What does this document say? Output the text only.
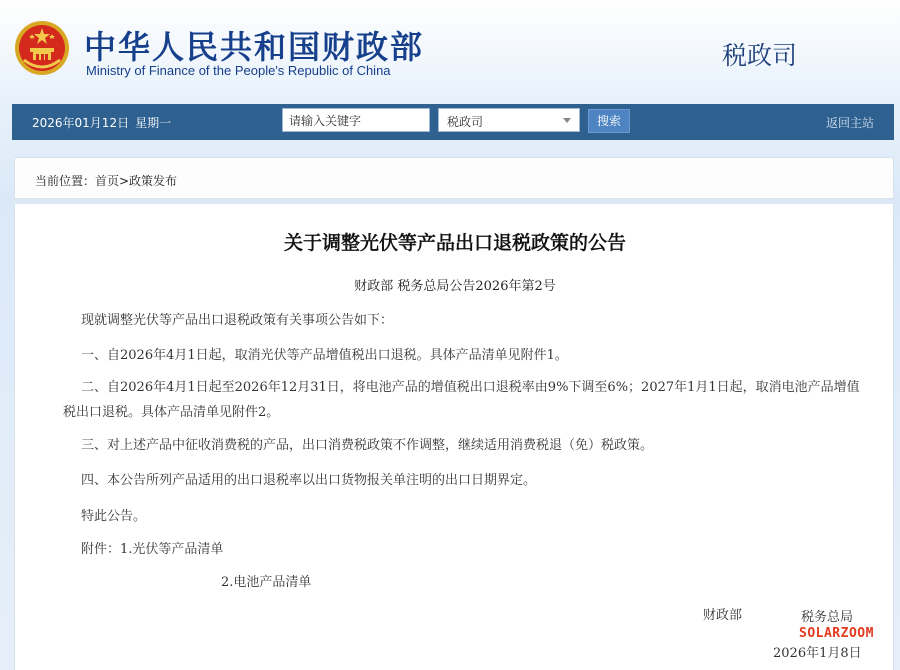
中华人民共和国财政部
Ministry of Finance of the People's Republic of China
税政司
2026年01月12日 星期一
请输入关键字	税政司	搜索	返回主站
当前位置：首页>政策发布
关于调整光伏等产品出口退税政策的公告
财政部 税务总局公告2026年第2号
现就调整光伏等产品出口退税政策有关事项公告如下：
一、自2026年4月1日起，取消光伏等产品增值税出口退税。具体产品清单见附件1。
二、自2026年4月1日起至2026年12月31日，将电池产品的增值税出口退税率由9%下调至6%；2027年1月1日起，取消电池产品增值税出口退税。具体产品清单见附件2。
三、对上述产品中征收消费税的产品，出口消费税政策不作调整，继续适用消费税退（免）税政策。
四、本公告所列产品适用的出口退税率以出口货物报关单注明的出口日期界定。
特此公告。
附件：1.光伏等产品清单
2.电池产品清单
财政部	税务总局
SOLARZOOM
2026年1月8日
